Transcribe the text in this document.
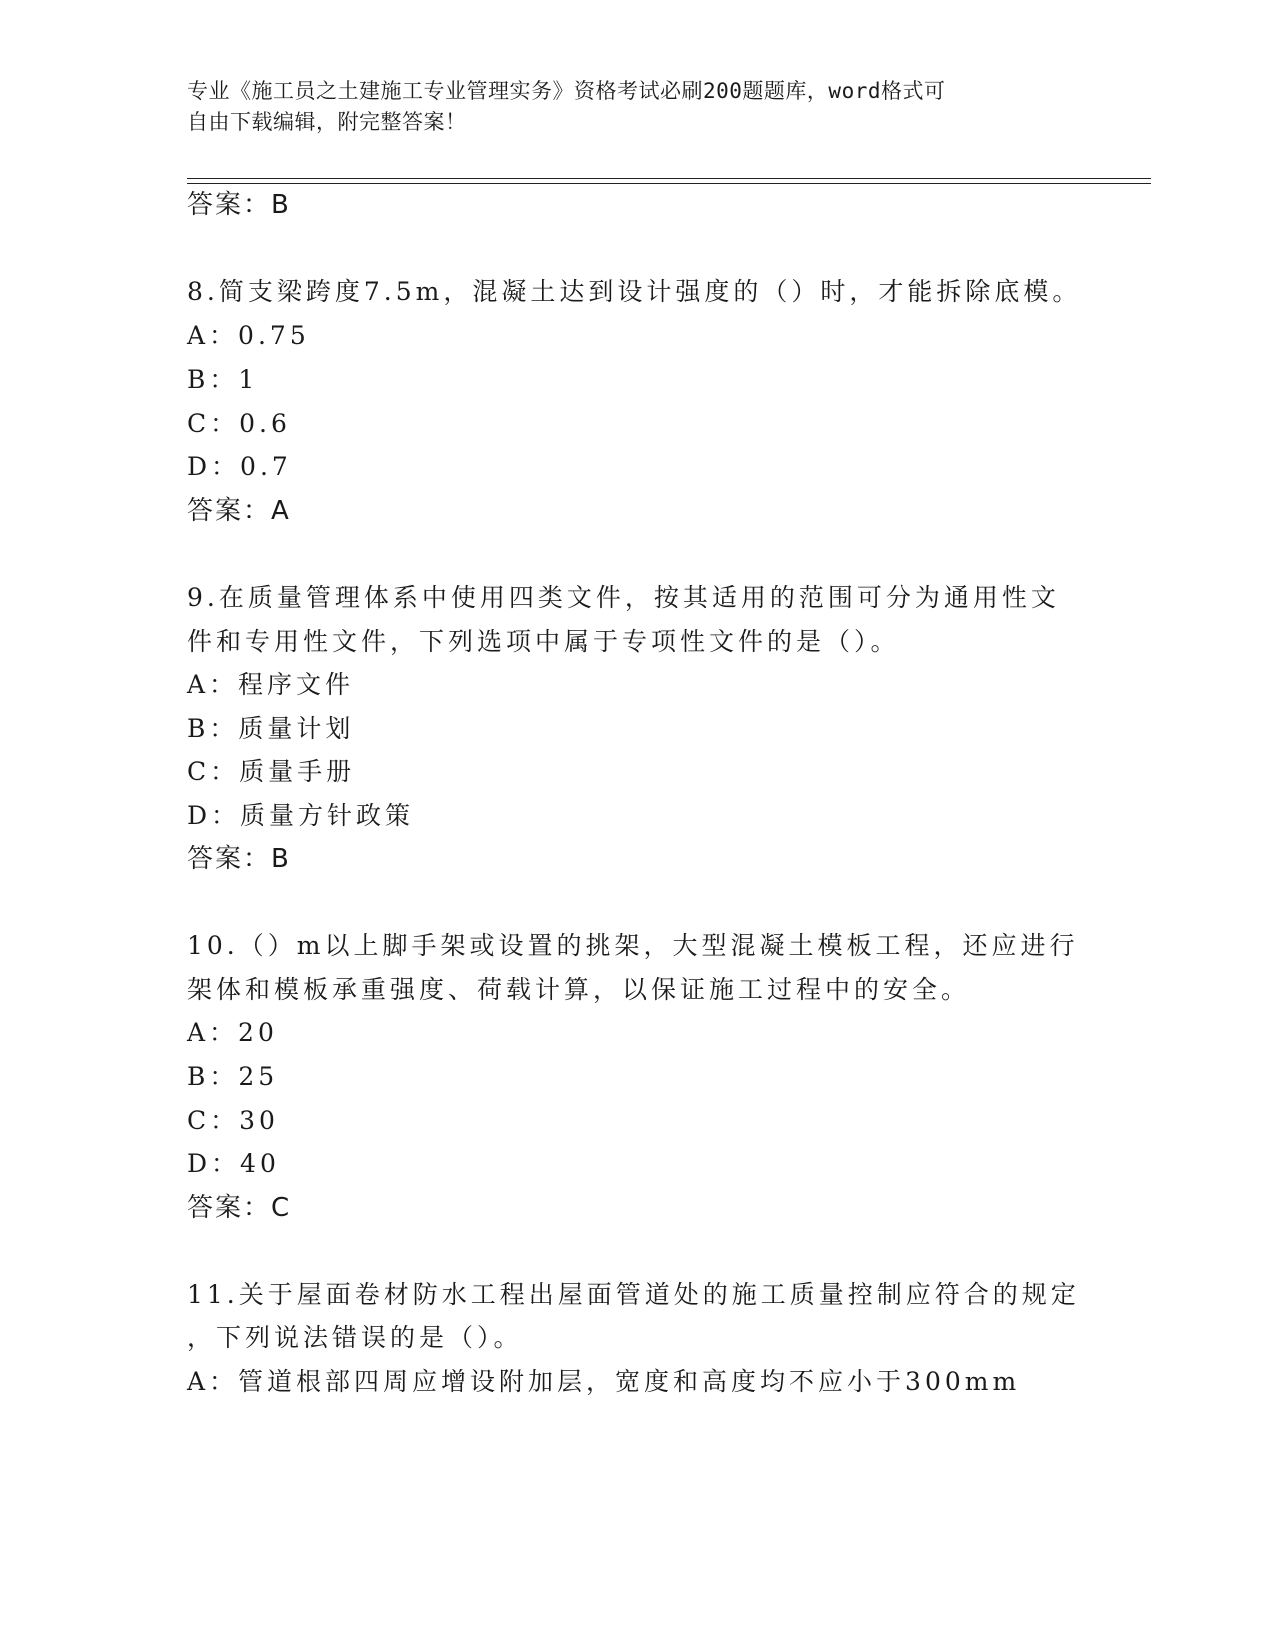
专业《施工员之土建施工专业管理实务》资格考试必刷200题题库，word格式可
自由下载编辑，附完整答案！
答案：B
8.简支梁跨度7.5m，混凝土达到设计强度的（）时，才能拆除底模。
A：0.75
B：1
C：0.6
D：0.7
答案：A
9.在质量管理体系中使用四类文件，按其适用的范围可分为通用性文
件和专用性文件，下列选项中属于专项性文件的是（）。
A：程序文件
B：质量计划
C：质量手册
D：质量方针政策
答案：B
10.（）m以上脚手架或设置的挑架，大型混凝土模板工程，还应进行
架体和模板承重强度、荷载计算，以保证施工过程中的安全。
A：20
B：25
C：30
D：40
答案：C
11.关于屋面卷材防水工程出屋面管道处的施工质量控制应符合的规定
，下列说法错误的是（）。
A：管道根部四周应增设附加层，宽度和高度均不应小于300mm
